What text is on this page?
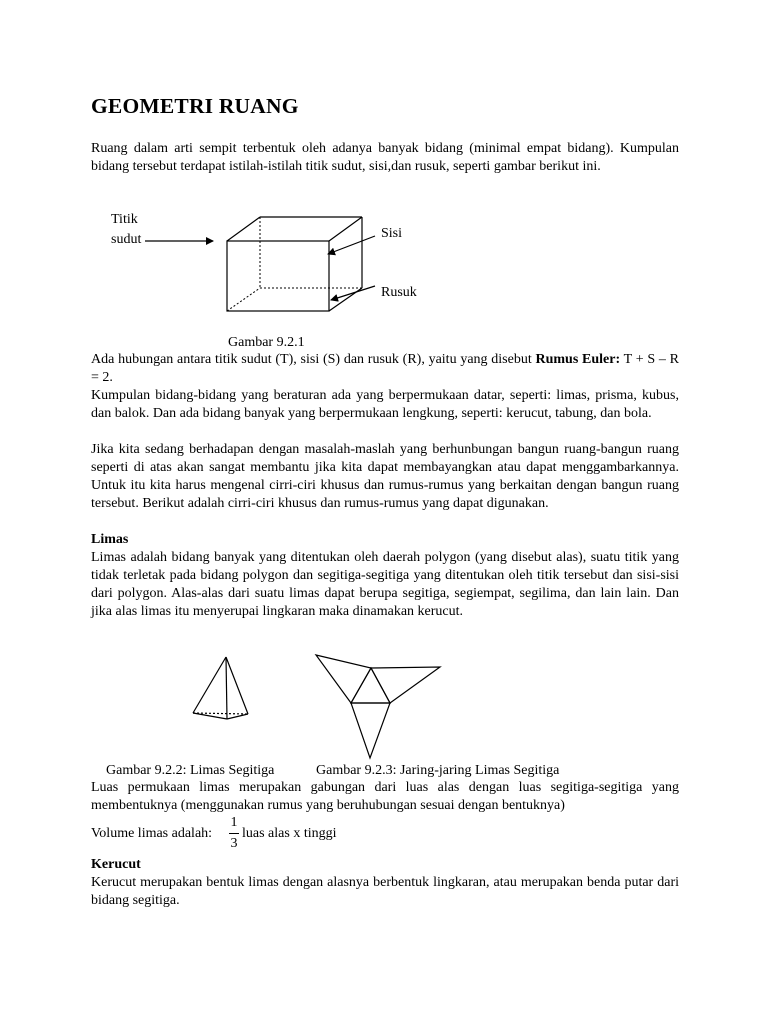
GEOMETRI RUANG
Ruang dalam arti sempit terbentuk oleh adanya banyak bidang (minimal empat bidang). Kumpulan bidang tersebut terdapat istilah-istilah titik sudut, sisi,dan rusuk, seperti gambar berikut ini.
Titik
sudut	Sisi
Rusuk
Gambar 9.2.1
Ada hubungan antara titik sudut (T), sisi (S) dan rusuk (R), yaitu yang disebut Rumus Euler: T + S – R = 2.
Kumpulan bidang-bidang yang beraturan ada yang berpermukaan datar, seperti: limas, prisma, kubus, dan balok. Dan ada bidang banyak yang berpermukaan lengkung, seperti: kerucut, tabung, dan bola.
Jika kita sedang berhadapan dengan masalah-maslah yang berhunbungan bangun ruang-bangun ruang seperti di atas akan sangat membantu jika kita dapat membayangkan atau dapat menggambarkannya. Untuk itu kita harus mengenal cirri-ciri khusus dan rumus-rumus yang berkaitan dengan bangun ruang tersebut. Berikut adalah cirri-ciri khusus dan rumus-rumus yang dapat digunakan.
Limas
Limas adalah bidang banyak yang ditentukan oleh daerah polygon (yang disebut alas), suatu titik yang tidak terletak pada bidang polygon dan segitiga-segitiga yang ditentukan oleh titik tersebut dan sisi-sisi dari polygon. Alas-alas dari suatu limas dapat berupa segitiga, segiempat, segilima, dan lain lain. Dan jika alas limas itu menyerupai lingkaran maka dinamakan kerucut.
Gambar 9.2.2: Limas Segitiga	Gambar 9.2.3: Jaring-jaring Limas Segitiga
Luas permukaan limas merupakan gabungan dari luas alas dengan luas segitiga-segitiga yang membentuknya (menggunakan rumus yang beruhubungan sesuai dengan bentuknya)
Volume limas adalah:
1
3
luas alas x tinggi
Kerucut
Kerucut merupakan bentuk limas dengan alasnya berbentuk lingkaran, atau merupakan benda putar dari bidang segitiga.
